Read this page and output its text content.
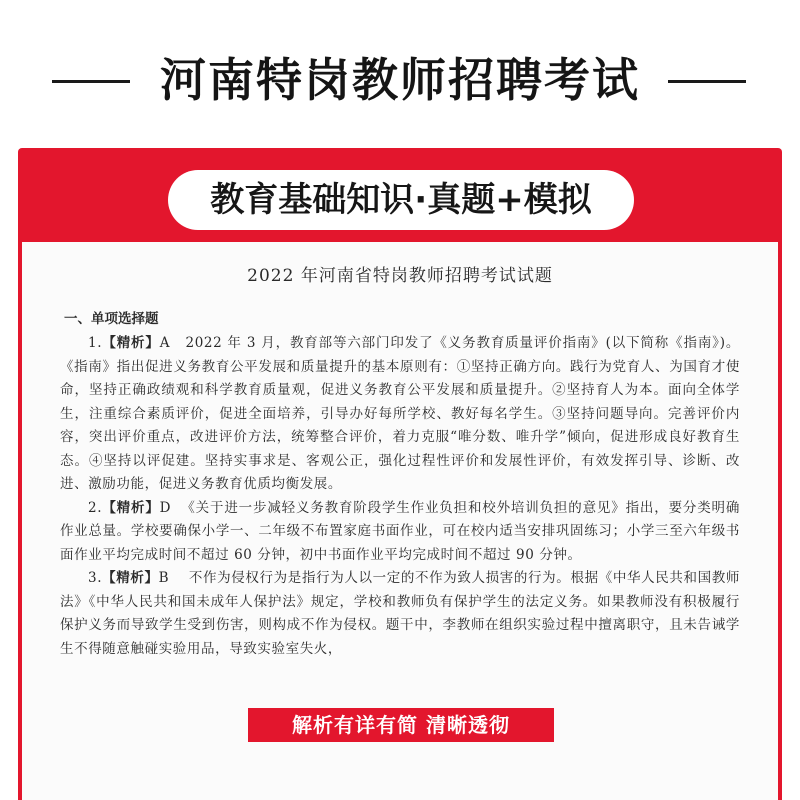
河南特岗教师招聘考试
教育基础知识·真题+模拟
2022 年河南省特岗教师招聘考试试题
一、单项选择题

1.【精析】A 2022 年 3 月，教育部等六部门印发了《义务教育质量评价指南》(以下简称《指南》)。《指南》指出促进义务教育公平发展和质量提升的基本原则有：①坚持正确方向。践行为党育人、为国育才使命，坚持正确政绩观和科学教育质量观，促进义务教育公平发展和质量提升。②坚持育人为本。面向全体学生，注重综合素质评价，促进全面培养，引导办好每所学校、教好每名学生。③坚持问题导向。完善评价内容，突出评价重点，改进评价方法，统筹整合评价，着力克服“唯分数、唯升学”倾向，促进形成良好教育生态。④坚持以评促建。坚持实事求是、客观公正，强化过程性评价和发展性评价，有效发挥引导、诊断、改进、激励功能，促进义务教育优质均衡发展。

2.【精析】D 《关于进一步减轻义务教育阶段学生作业负担和校外培训负担的意见》指出，要分类明确作业总量。学校要确保小学一、二年级不布置家庭书面作业，可在校内适当安排巩固练习；小学三至六年级书面作业平均完成时间不超过 60 分钟，初中书面作业平均完成时间不超过 90 分钟。

3.【精析】B 不作为侵权行为是指行为人以一定的不作为致人损害的行为。根据《中华人民共和国教师法》《中华人民共和国未成年人保护法》规定，学校和教师负有保护学生的法定义务。如果教师没有积极履行保护义务而导致学生受到伤害，则构成不作为侵权。题干中，李教师在组织实验过程中擅离职守，且未告诫学生不得随意触碰实验用品，导致实验室失火，

解析有详有简 清晰透彻
